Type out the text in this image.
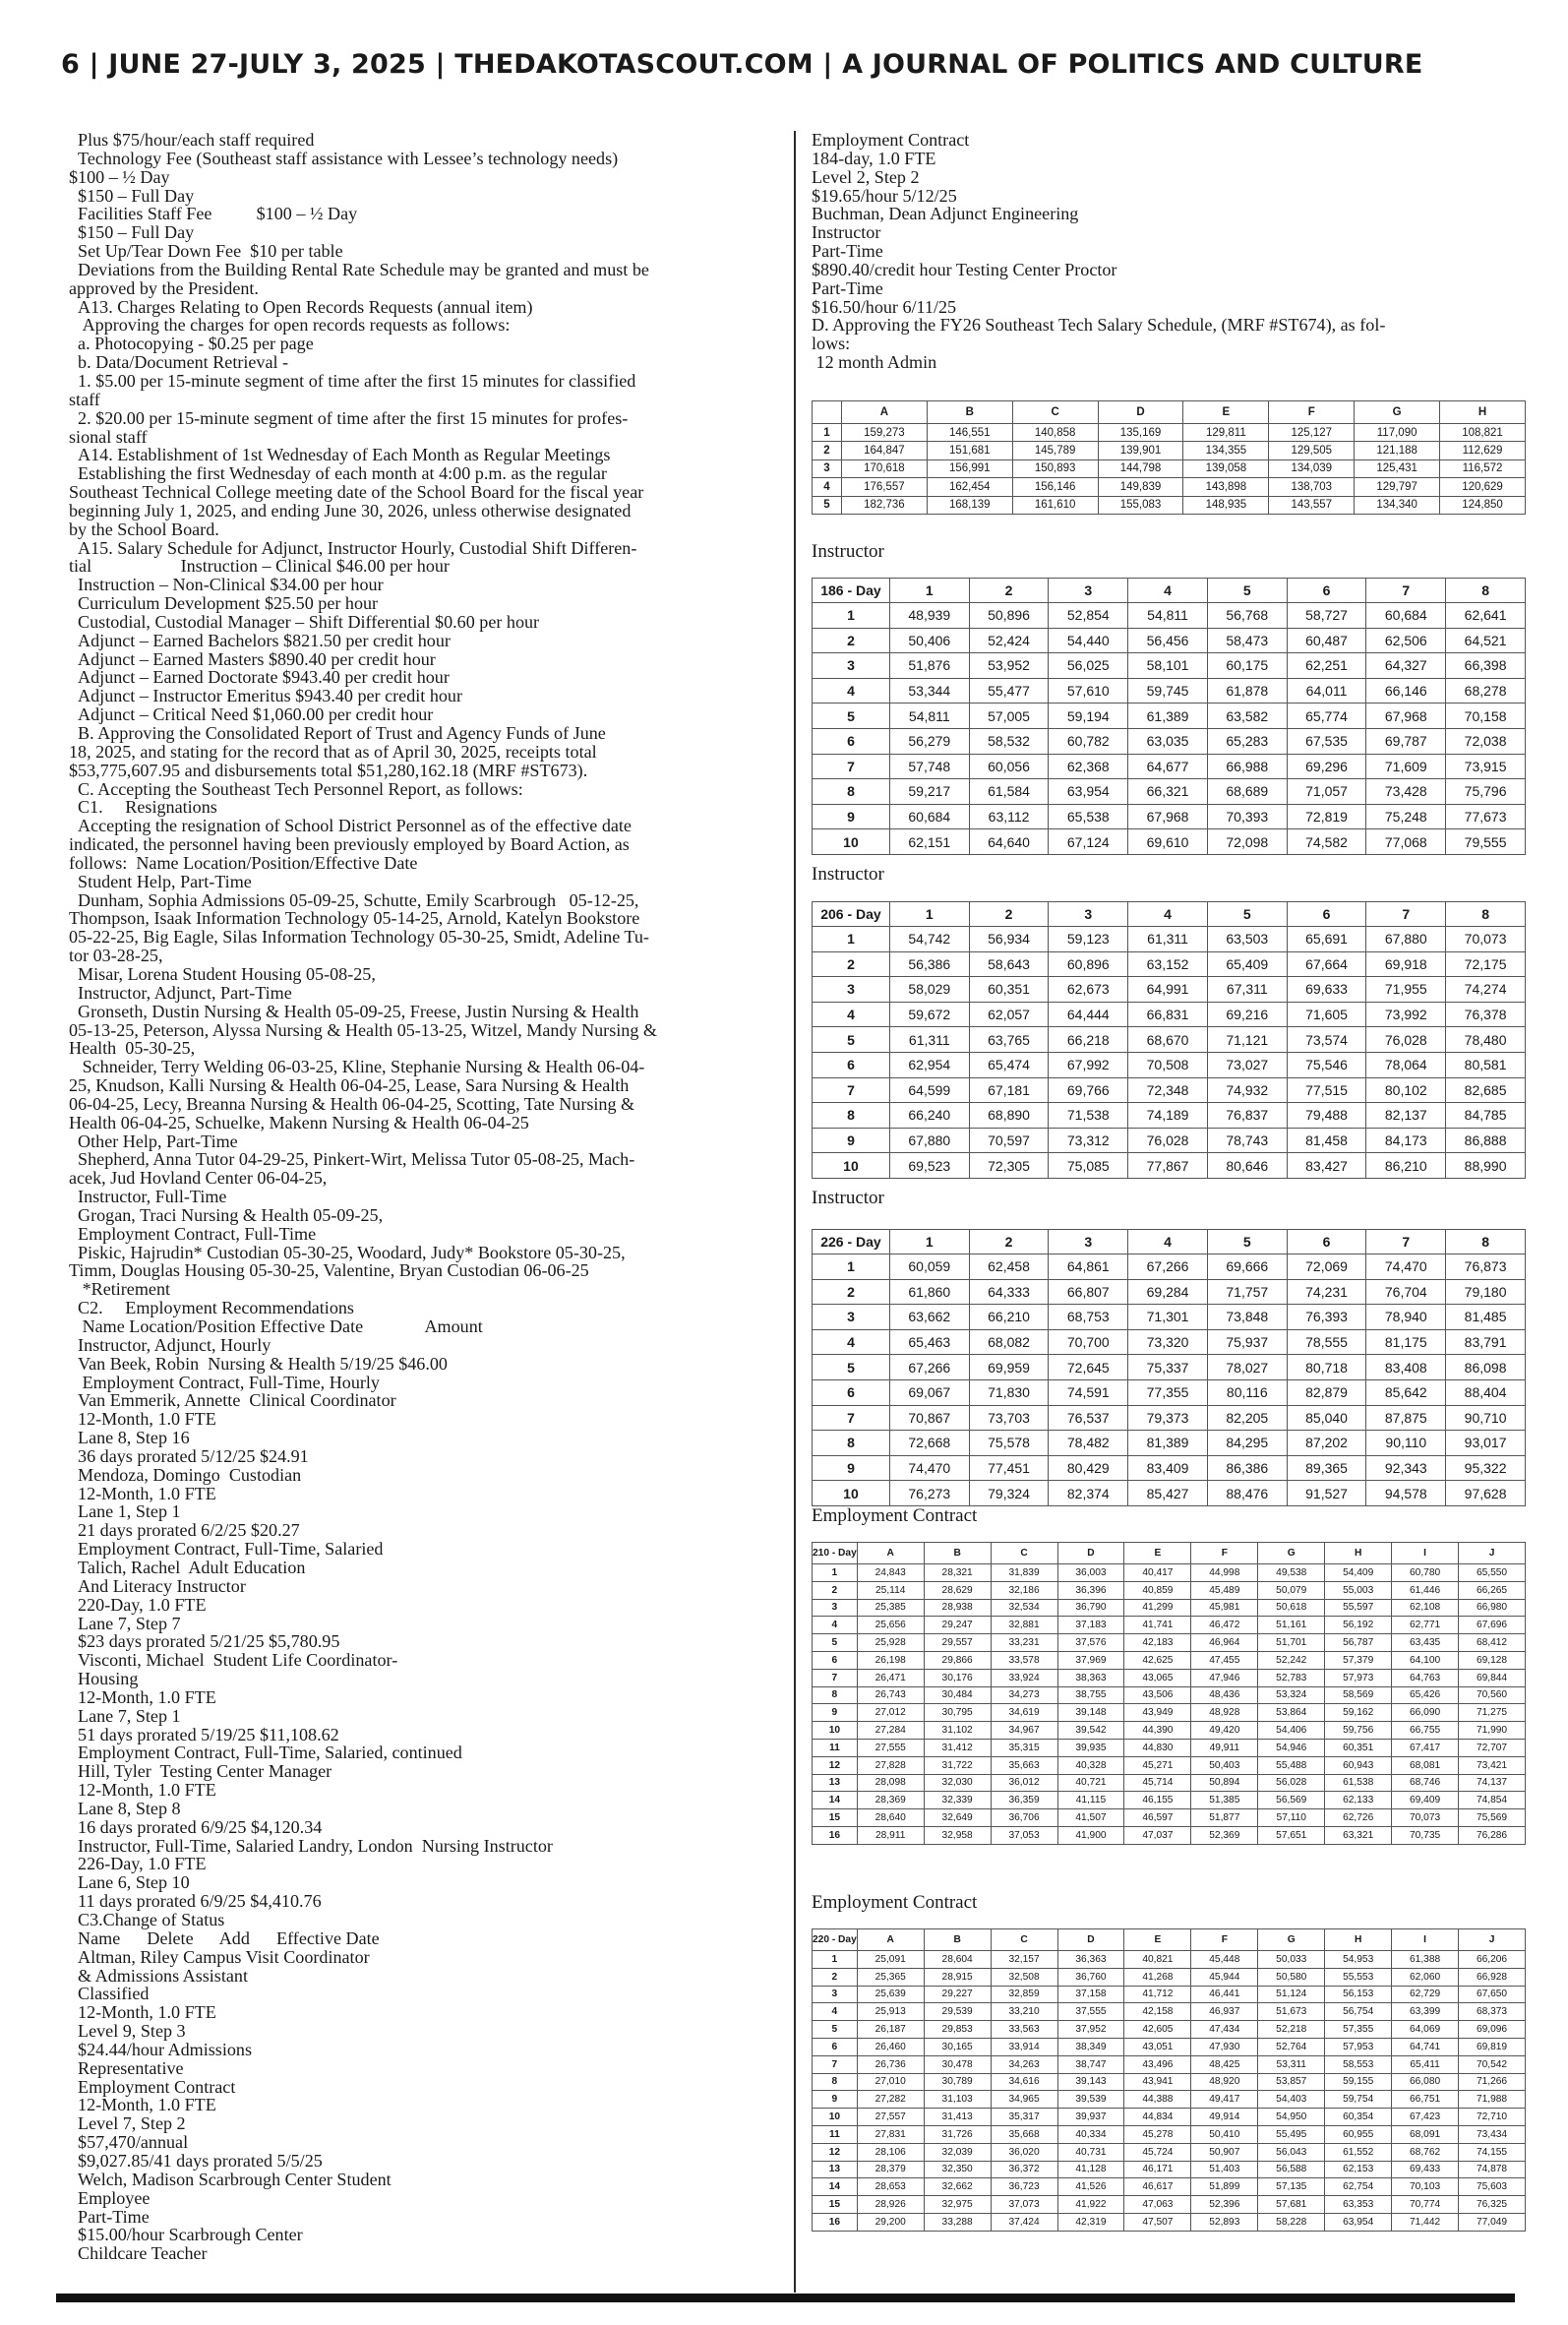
6 | JUNE 27-JULY 3, 2025 | THEDAKOTASCOUT.COM | A JOURNAL OF POLITICS AND CULTURE
Plus $75/hour/each staff required
Technology Fee (Southeast staff assistance with Lessee’s technology needs)
$100 – ½ Day
$150 – Full Day
Facilities Staff Fee          $100 – ½ Day
$150 – Full Day
Set Up/Tear Down Fee  $10 per table
Deviations from the Building Rental Rate Schedule may be granted and must be
approved by the President.
A13. Charges Relating to Open Records Requests (annual item)
Approving the charges for open records requests as follows:
a. Photocopying - $0.25 per page
b. Data/Document Retrieval -
1. $5.00 per 15-minute segment of time after the first 15 minutes for classified
staff
2. $20.00 per 15-minute segment of time after the first 15 minutes for profes-
sional staff
A14. Establishment of 1st Wednesday of Each Month as Regular Meetings
Establishing the first Wednesday of each month at 4:00 p.m. as the regular
Southeast Technical College meeting date of the School Board for the fiscal year
beginning July 1, 2025, and ending June 30, 2026, unless otherwise designated
by the School Board.
A15. Salary Schedule for Adjunct, Instructor Hourly, Custodial Shift Differen-
tial                    Instruction – Clinical $46.00 per hour
Instruction – Non-Clinical $34.00 per hour
Curriculum Development $25.50 per hour
Custodial, Custodial Manager – Shift Differential $0.60 per hour
Adjunct – Earned Bachelors $821.50 per credit hour
Adjunct – Earned Masters $890.40 per credit hour
Adjunct – Earned Doctorate $943.40 per credit hour
Adjunct – Instructor Emeritus $943.40 per credit hour
Adjunct – Critical Need $1,060.00 per credit hour
B. Approving the Consolidated Report of Trust and Agency Funds of June
18, 2025, and stating for the record that as of April 30, 2025, receipts total
$53,775,607.95 and disbursements total $51,280,162.18 (MRF #ST673).
C. Accepting the Southeast Tech Personnel Report, as follows:
C1.     Resignations
Accepting the resignation of School District Personnel as of the effective date
indicated, the personnel having been previously employed by Board Action, as
follows:  Name Location/Position/Effective Date
Student Help, Part-Time
Dunham, Sophia Admissions 05-09-25, Schutte, Emily Scarbrough   05-12-25,
Thompson, Isaak Information Technology 05-14-25, Arnold, Katelyn Bookstore
05-22-25, Big Eagle, Silas Information Technology 05-30-25, Smidt, Adeline Tu-
tor 03-28-25,
Misar, Lorena Student Housing 05-08-25,
Instructor, Adjunct, Part-Time
Gronseth, Dustin Nursing & Health 05-09-25, Freese, Justin Nursing & Health
05-13-25, Peterson, Alyssa Nursing & Health 05-13-25, Witzel, Mandy Nursing &
Health  05-30-25,
Schneider, Terry Welding 06-03-25, Kline, Stephanie Nursing & Health 06-04-
25, Knudson, Kalli Nursing & Health 06-04-25, Lease, Sara Nursing & Health
06-04-25, Lecy, Breanna Nursing & Health 06-04-25, Scotting, Tate Nursing &
Health 06-04-25, Schuelke, Makenn Nursing & Health 06-04-25
Other Help, Part-Time
Shepherd, Anna Tutor 04-29-25, Pinkert-Wirt, Melissa Tutor 05-08-25, Mach-
acek, Jud Hovland Center 06-04-25,
Instructor, Full-Time
Grogan, Traci Nursing & Health 05-09-25,
Employment Contract, Full-Time
Piskic, Hajrudin* Custodian 05-30-25, Woodard, Judy* Bookstore 05-30-25,
Timm, Douglas Housing 05-30-25, Valentine, Bryan Custodian 06-06-25
*Retirement
C2.     Employment Recommendations
Name Location/Position Effective Date              Amount
Instructor, Adjunct, Hourly
Van Beek, Robin  Nursing & Health 5/19/25 $46.00
Employment Contract, Full-Time, Hourly
Van Emmerik, Annette  Clinical Coordinator
12-Month, 1.0 FTE
Lane 8, Step 16
36 days prorated 5/12/25 $24.91
Mendoza, Domingo  Custodian
12-Month, 1.0 FTE
Lane 1, Step 1
21 days prorated 6/2/25 $20.27
Employment Contract, Full-Time, Salaried
Talich, Rachel  Adult Education
And Literacy Instructor
220-Day, 1.0 FTE
Lane 7, Step 7
$23 days prorated 5/21/25 $5,780.95
Visconti, Michael  Student Life Coordinator-
Housing
12-Month, 1.0 FTE
Lane 7, Step 1
51 days prorated 5/19/25 $11,108.62
Employment Contract, Full-Time, Salaried, continued
Hill, Tyler  Testing Center Manager
12-Month, 1.0 FTE
Lane 8, Step 8
16 days prorated 6/9/25 $4,120.34
Instructor, Full-Time, Salaried Landry, London  Nursing Instructor
226-Day, 1.0 FTE
Lane 6, Step 10
11 days prorated 6/9/25 $4,410.76
C3.Change of Status
Name      Delete      Add      Effective Date
Altman, Riley Campus Visit Coordinator
& Admissions Assistant
Classified
12-Month, 1.0 FTE
Level 9, Step 3
$24.44/hour Admissions
Representative
Employment Contract
12-Month, 1.0 FTE
Level 7, Step 2
$57,470/annual
$9,027.85/41 days prorated 5/5/25
Welch, Madison Scarbrough Center Student
Employee
Part-Time
$15.00/hour Scarbrough Center
Childcare Teacher
Employment Contract
184-day, 1.0 FTE
Level 2, Step 2
$19.65/hour 5/12/25
Buchman, Dean Adjunct Engineering
Instructor
Part-Time
$890.40/credit hour Testing Center Proctor
Part-Time
$16.50/hour 6/11/25
D. Approving the FY26 Southeast Tech Salary Schedule, (MRF #ST674), as fol-
lows:
12 month Admin
	A	B	C	D	E	F	G	H
1	159,273	146,551	140,858	135,169	129,811	125,127	117,090	108,821
2	164,847	151,681	145,789	139,901	134,355	129,505	121,188	112,629
3	170,618	156,991	150,893	144,798	139,058	134,039	125,431	116,572
4	176,557	162,454	156,146	149,839	143,898	138,703	129,797	120,629
5	182,736	168,139	161,610	155,083	148,935	143,557	134,340	124,850
Instructor
186 - Day	1	2	3	4	5	6	7	8
1	48,939	50,896	52,854	54,811	56,768	58,727	60,684	62,641
2	50,406	52,424	54,440	56,456	58,473	60,487	62,506	64,521
3	51,876	53,952	56,025	58,101	60,175	62,251	64,327	66,398
4	53,344	55,477	57,610	59,745	61,878	64,011	66,146	68,278
5	54,811	57,005	59,194	61,389	63,582	65,774	67,968	70,158
6	56,279	58,532	60,782	63,035	65,283	67,535	69,787	72,038
7	57,748	60,056	62,368	64,677	66,988	69,296	71,609	73,915
8	59,217	61,584	63,954	66,321	68,689	71,057	73,428	75,796
9	60,684	63,112	65,538	67,968	70,393	72,819	75,248	77,673
10	62,151	64,640	67,124	69,610	72,098	74,582	77,068	79,555
Instructor
206 - Day	1	2	3	4	5	6	7	8
1	54,742	56,934	59,123	61,311	63,503	65,691	67,880	70,073
2	56,386	58,643	60,896	63,152	65,409	67,664	69,918	72,175
3	58,029	60,351	62,673	64,991	67,311	69,633	71,955	74,274
4	59,672	62,057	64,444	66,831	69,216	71,605	73,992	76,378
5	61,311	63,765	66,218	68,670	71,121	73,574	76,028	78,480
6	62,954	65,474	67,992	70,508	73,027	75,546	78,064	80,581
7	64,599	67,181	69,766	72,348	74,932	77,515	80,102	82,685
8	66,240	68,890	71,538	74,189	76,837	79,488	82,137	84,785
9	67,880	70,597	73,312	76,028	78,743	81,458	84,173	86,888
10	69,523	72,305	75,085	77,867	80,646	83,427	86,210	88,990
Instructor
226 - Day	1	2	3	4	5	6	7	8
1	60,059	62,458	64,861	67,266	69,666	72,069	74,470	76,873
2	61,860	64,333	66,807	69,284	71,757	74,231	76,704	79,180
3	63,662	66,210	68,753	71,301	73,848	76,393	78,940	81,485
4	65,463	68,082	70,700	73,320	75,937	78,555	81,175	83,791
5	67,266	69,959	72,645	75,337	78,027	80,718	83,408	86,098
6	69,067	71,830	74,591	77,355	80,116	82,879	85,642	88,404
7	70,867	73,703	76,537	79,373	82,205	85,040	87,875	90,710
8	72,668	75,578	78,482	81,389	84,295	87,202	90,110	93,017
9	74,470	77,451	80,429	83,409	86,386	89,365	92,343	95,322
10	76,273	79,324	82,374	85,427	88,476	91,527	94,578	97,628
Employment Contract
210 - Day	A	B	C	D	E	F	G	H	I	J
1	24,843	28,321	31,839	36,003	40,417	44,998	49,538	54,409	60,780	65,550
2	25,114	28,629	32,186	36,396	40,859	45,489	50,079	55,003	61,446	66,265
3	25,385	28,938	32,534	36,790	41,299	45,981	50,618	55,597	62,108	66,980
4	25,656	29,247	32,881	37,183	41,741	46,472	51,161	56,192	62,771	67,696
5	25,928	29,557	33,231	37,576	42,183	46,964	51,701	56,787	63,435	68,412
6	26,198	29,866	33,578	37,969	42,625	47,455	52,242	57,379	64,100	69,128
7	26,471	30,176	33,924	38,363	43,065	47,946	52,783	57,973	64,763	69,844
8	26,743	30,484	34,273	38,755	43,506	48,436	53,324	58,569	65,426	70,560
9	27,012	30,795	34,619	39,148	43,949	48,928	53,864	59,162	66,090	71,275
10	27,284	31,102	34,967	39,542	44,390	49,420	54,406	59,756	66,755	71,990
11	27,555	31,412	35,315	39,935	44,830	49,911	54,946	60,351	67,417	72,707
12	27,828	31,722	35,663	40,328	45,271	50,403	55,488	60,943	68,081	73,421
13	28,098	32,030	36,012	40,721	45,714	50,894	56,028	61,538	68,746	74,137
14	28,369	32,339	36,359	41,115	46,155	51,385	56,569	62,133	69,409	74,854
15	28,640	32,649	36,706	41,507	46,597	51,877	57,110	62,726	70,073	75,569
16	28,911	32,958	37,053	41,900	47,037	52,369	57,651	63,321	70,735	76,286
Employment Contract
220 - Day	A	B	C	D	E	F	G	H	I	J
1	25,091	28,604	32,157	36,363	40,821	45,448	50,033	54,953	61,388	66,206
2	25,365	28,915	32,508	36,760	41,268	45,944	50,580	55,553	62,060	66,928
3	25,639	29,227	32,859	37,158	41,712	46,441	51,124	56,153	62,729	67,650
4	25,913	29,539	33,210	37,555	42,158	46,937	51,673	56,754	63,399	68,373
5	26,187	29,853	33,563	37,952	42,605	47,434	52,218	57,355	64,069	69,096
6	26,460	30,165	33,914	38,349	43,051	47,930	52,764	57,953	64,741	69,819
7	26,736	30,478	34,263	38,747	43,496	48,425	53,311	58,553	65,411	70,542
8	27,010	30,789	34,616	39,143	43,941	48,920	53,857	59,155	66,080	71,266
9	27,282	31,103	34,965	39,539	44,388	49,417	54,403	59,754	66,751	71,988
10	27,557	31,413	35,317	39,937	44,834	49,914	54,950	60,354	67,423	72,710
11	27,831	31,726	35,668	40,334	45,278	50,410	55,495	60,955	68,091	73,434
12	28,106	32,039	36,020	40,731	45,724	50,907	56,043	61,552	68,762	74,155
13	28,379	32,350	36,372	41,128	46,171	51,403	56,588	62,153	69,433	74,878
14	28,653	32,662	36,723	41,526	46,617	51,899	57,135	62,754	70,103	75,603
15	28,926	32,975	37,073	41,922	47,063	52,396	57,681	63,353	70,774	76,325
16	29,200	33,288	37,424	42,319	47,507	52,893	58,228	63,954	71,442	77,049
